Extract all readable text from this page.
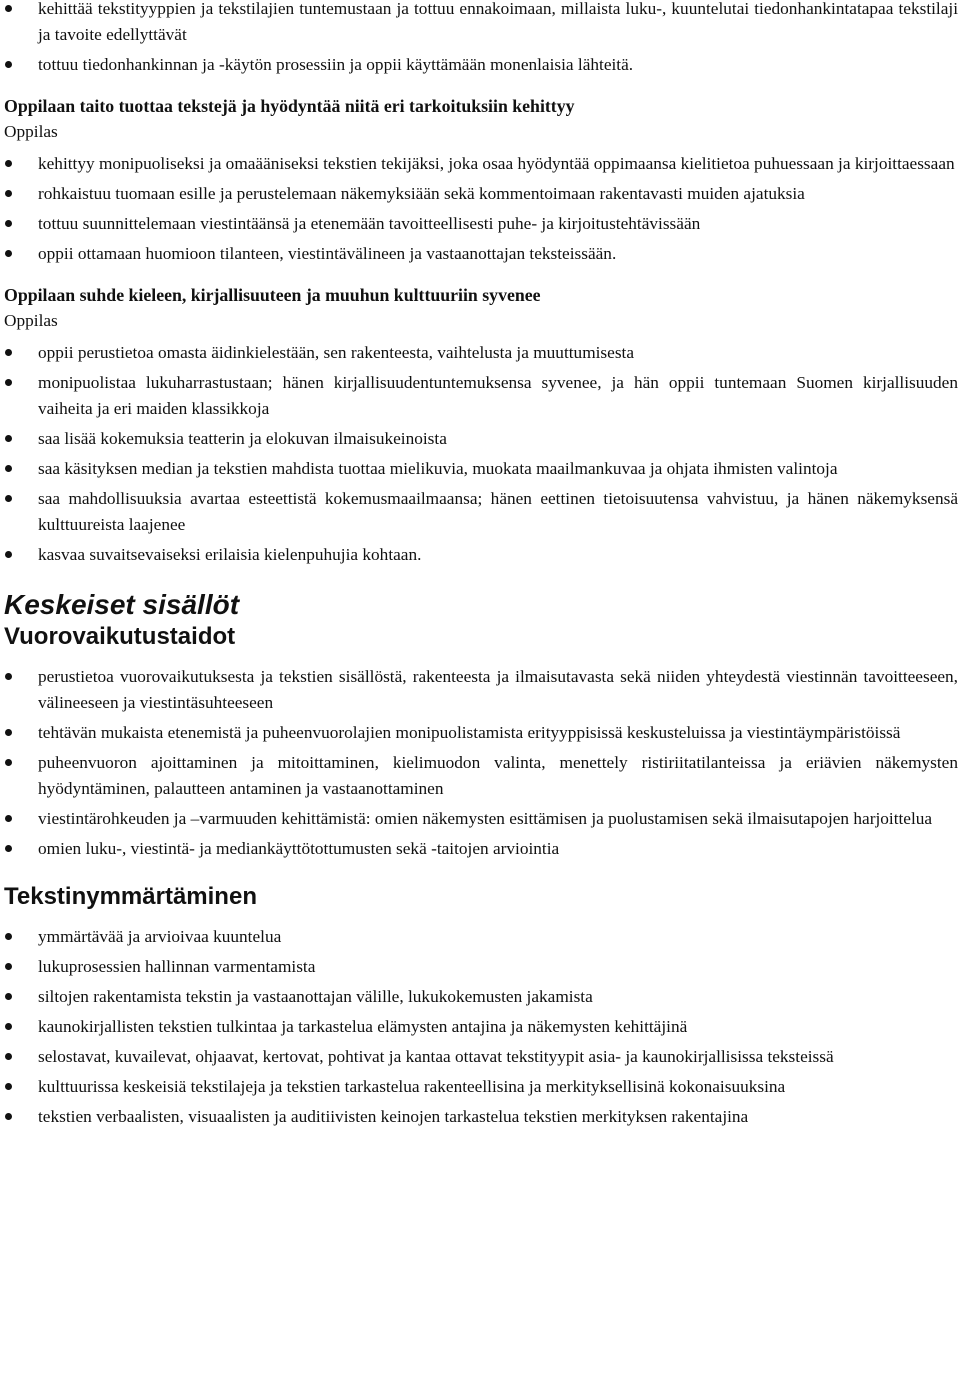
kehittää tekstityyppien ja tekstilajien tuntemustaan ja tottuu ennakoimaan, millaista luku-, kuuntelutai tiedonhankintatapaa tekstilaji ja tavoite edellyttävät
tottuu tiedonhankinnan ja -käytön prosessiin ja oppii käyttämään monenlaisia lähteitä.
Oppilaan taito tuottaa tekstejä ja hyödyntää niitä eri tarkoituksiin kehittyy

Oppilas

kehittyy monipuoliseksi ja omaääniseksi tekstien tekijäksi, joka osaa hyödyntää oppimaansa kielitietoa puhuessaan ja kirjoittaessaan
rohkaistuu tuomaan esille ja perustelemaan näkemyksiään sekä kommentoimaan rakentavasti muiden ajatuksia
tottuu suunnittelemaan viestintäänsä ja etenemään tavoitteellisesti puhe- ja kirjoitustehtävissään
oppii ottamaan huomioon tilanteen, viestintävälineen ja vastaanottajan teksteissään.
Oppilaan suhde kieleen, kirjallisuuteen ja muuhun kulttuuriin syvenee

Oppilas

oppii perustietoa omasta äidinkielestään, sen rakenteesta, vaihtelusta ja muuttumisesta
monipuolistaa lukuharrastustaan; hänen kirjallisuudentuntemuksensa syvenee, ja hän oppii tuntemaan Suomen kirjallisuuden vaiheita ja eri maiden klassikkoja
saa lisää kokemuksia teatterin ja elokuvan ilmaisukeinoista
saa käsityksen median ja tekstien mahdista tuottaa mielikuvia, muokata maailmankuvaa ja ohjata ihmisten valintoja
saa mahdollisuuksia avartaa esteettistä kokemusmaailmaansa; hänen eettinen tietoisuutensa vahvistuu, ja hänen näkemyksensä kulttuureista laajenee
kasvaa suvaitsevaiseksi erilaisia kielenpuhujia kohtaan.
Keskeiset sisällöt
Vuorovaikutustaidot
perustietoa vuorovaikutuksesta ja tekstien sisällöstä, rakenteesta ja ilmaisutavasta sekä niiden yhteydestä viestinnän tavoitteeseen, välineeseen ja viestintäsuhteeseen
tehtävän mukaista etenemistä ja puheenvuorolajien monipuolistamista erityyppisissä keskusteluissa ja viestintäympäristöissä
puheenvuoron ajoittaminen ja mitoittaminen, kielimuodon valinta, menettely ristiriitatilanteissa ja eriävien näkemysten hyödyntäminen, palautteen antaminen ja vastaanottaminen
viestintärohkeuden ja –varmuuden kehittämistä: omien näkemysten esittämisen ja puolustamisen sekä ilmaisutapojen harjoittelua
omien luku-, viestintä- ja mediankäyttötottumusten sekä -taitojen arviointia
Tekstinymmärtäminen
ymmärtävää ja arvioivaa kuuntelua
lukuprosessien hallinnan varmentamista
siltojen rakentamista tekstin ja vastaanottajan välille, lukukokemusten jakamista
kaunokirjallisten tekstien tulkintaa ja tarkastelua elämysten antajina ja näkemysten kehittäjinä
selostavat, kuvailevat, ohjaavat, kertovat, pohtivat ja kantaa ottavat tekstityypit asia- ja kaunokirjallisissa teksteissä
kulttuurissa keskeisiä tekstilajeja ja tekstien tarkastelua rakenteellisina ja merkityksellisinä kokonaisuuksina
tekstien verbaalisten, visuaalisten ja auditiivisten keinojen tarkastelua tekstien merkityksen rakentajina
